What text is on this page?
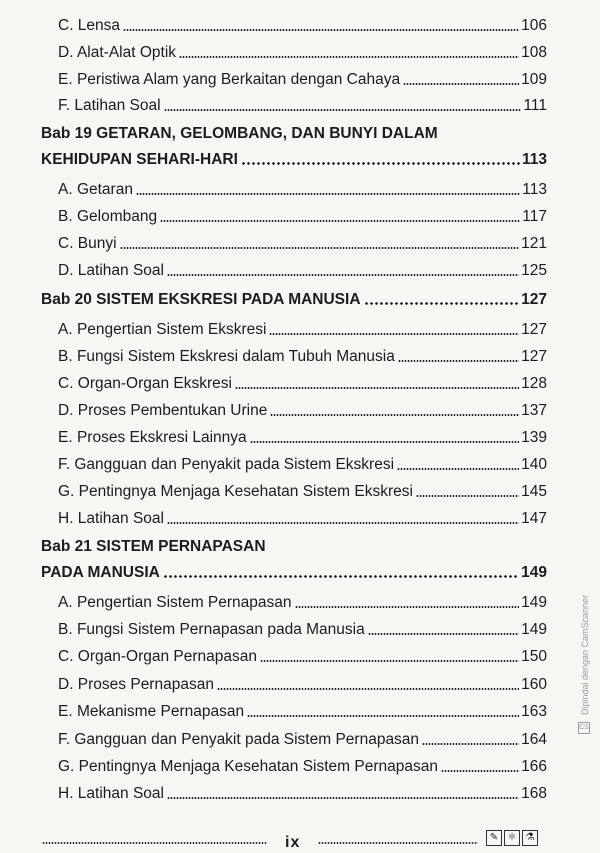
C. Lensa	106
D. Alat-Alat Optik	108
E. Peristiwa Alam yang Berkaitan dengan Cahaya	109
F. Latihan Soal	111
Bab 19 GETARAN, GELOMBANG, DAN BUNYI DALAM
KEHIDUPAN SEHARI-HARI	113
A. Getaran	113
B. Gelombang	117
C. Bunyi	121
D. Latihan Soal	125
Bab 20 SISTEM EKSKRESI PADA MANUSIA	127
A. Pengertian Sistem Ekskresi	127
B. Fungsi Sistem Ekskresi dalam Tubuh Manusia	127
C. Organ-Organ Ekskresi	128
D. Proses Pembentukan Urine	137
E. Proses Ekskresi Lainnya	139
F. Gangguan dan Penyakit pada Sistem Ekskresi	140
G. Pentingnya Menjaga Kesehatan Sistem Ekskresi	145
H. Latihan Soal	147
Bab 21 SISTEM PERNAPASAN
PADA MANUSIA	149
A. Pengertian Sistem Pernapasan	149
B. Fungsi Sistem Pernapasan pada Manusia	149
C. Organ-Organ Pernapasan	150
D. Proses Pernapasan	160
E. Mekanisme Pernapasan	163
F. Gangguan dan Penyakit pada Sistem Pernapasan	164
G. Pentingnya Menjaga Kesehatan Sistem Pernapasan	166
H. Latihan Soal	168
ix	✎ ⚛ ⚗
CS
Dipindai dengan CamScanner
